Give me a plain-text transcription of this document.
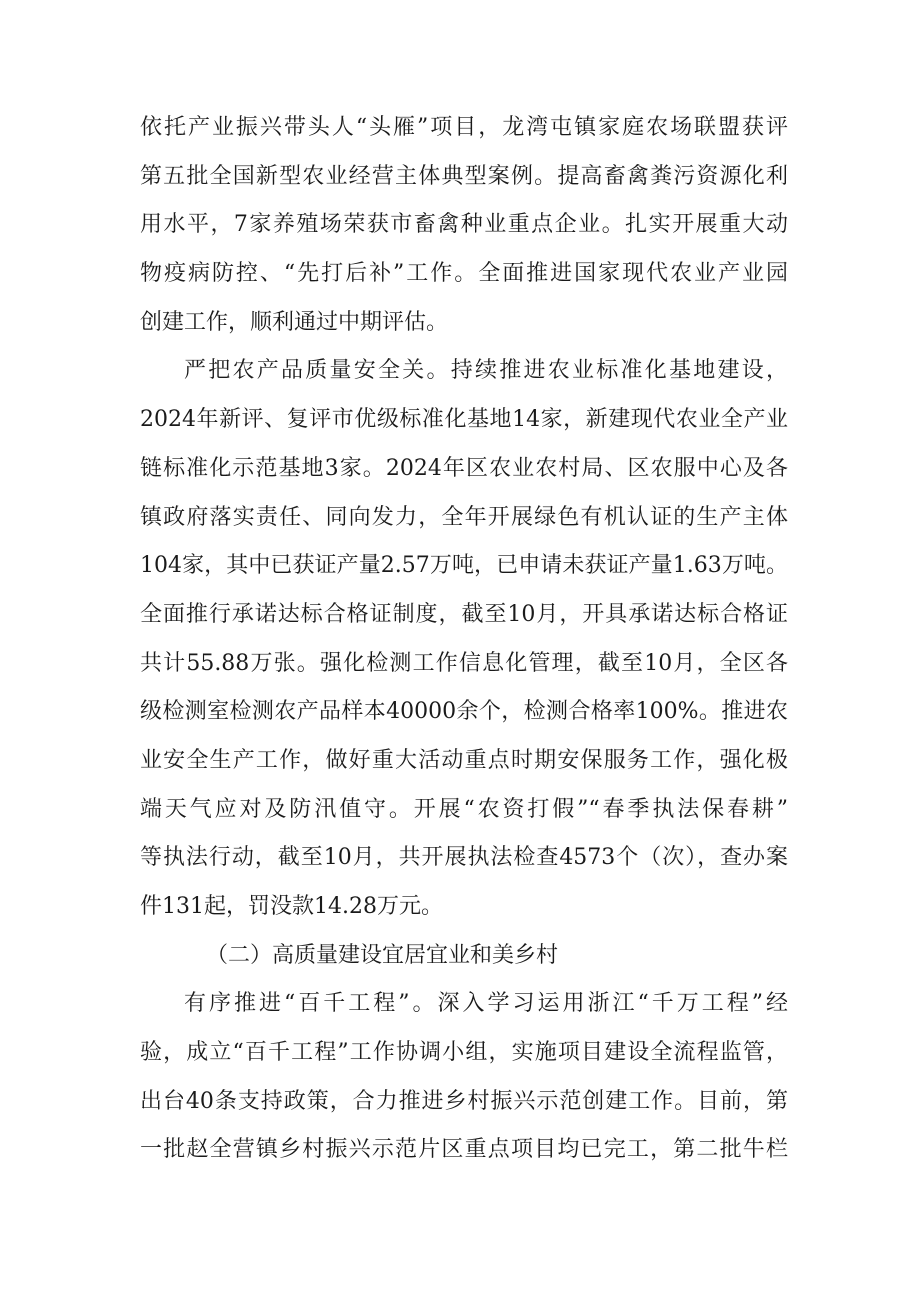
依托产业振兴带头人“头雁”项目，龙湾屯镇家庭农场联盟获评
第五批全国新型农业经营主体典型案例。提高畜禽粪污资源化利
用水平，7家养殖场荣获市畜禽种业重点企业。扎实开展重大动
物疫病防控、“先打后补”工作。全面推进国家现代农业产业园
创建工作，顺利通过中期评估。
严把农产品质量安全关。持续推进农业标准化基地建设，
2024年新评、复评市优级标准化基地14家，新建现代农业全产业
链标准化示范基地3家。2024年区农业农村局、区农服中心及各
镇政府落实责任、同向发力，全年开展绿色有机认证的生产主体
104家，其中已获证产量2.57万吨，已申请未获证产量1.63万吨。
全面推行承诺达标合格证制度，截至10月，开具承诺达标合格证
共计55.88万张。强化检测工作信息化管理，截至10月，全区各
级检测室检测农产品样本40000余个，检测合格率100%。推进农
业安全生产工作，做好重大活动重点时期安保服务工作，强化极
端天气应对及防汛值守。开展“农资打假”“春季执法保春耕”
等执法行动，截至10月，共开展执法检查4573个（次），查办案
件131起，罚没款14.28万元。
（二）高质量建设宜居宜业和美乡村
有序推进“百千工程”。深入学习运用浙江“千万工程”经
验，成立“百千工程”工作协调小组，实施项目建设全流程监管，
出台40条支持政策，合力推进乡村振兴示范创建工作。目前，第
一批赵全营镇乡村振兴示范片区重点项目均已完工，第二批牛栏
